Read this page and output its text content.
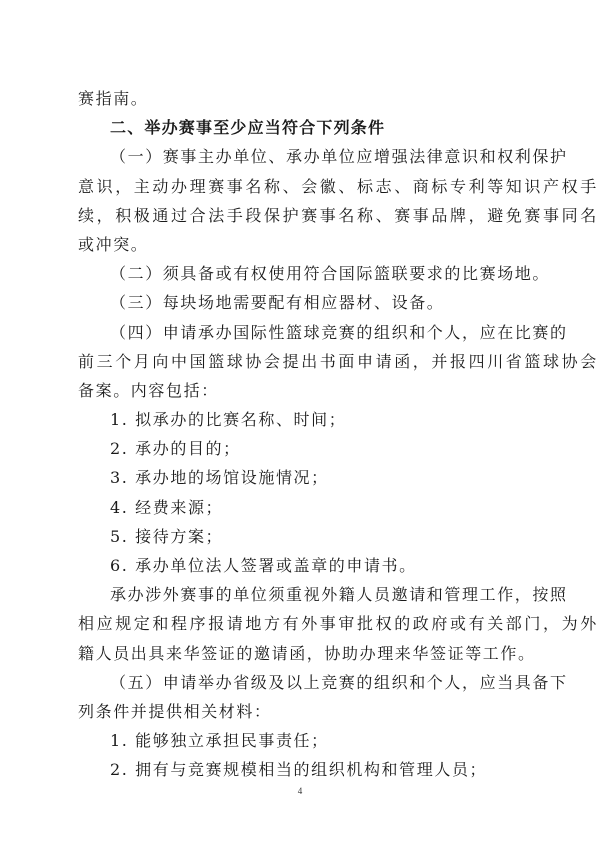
赛指南。
二、举办赛事至少应当符合下列条件
（一）赛事主办单位、承办单位应增强法律意识和权利保护
意识，主动办理赛事名称、会徽、标志、商标专利等知识产权手
续，积极通过合法手段保护赛事名称、赛事品牌，避免赛事同名
或冲突。
（二）须具备或有权使用符合国际篮联要求的比赛场地。
（三）每块场地需要配有相应器材、设备。
（四）申请承办国际性篮球竞赛的组织和个人，应在比赛的
前三个月向中国篮球协会提出书面申请函，并报四川省篮球协会
备案。内容包括：
1. 拟承办的比赛名称、时间；
2. 承办的目的；
3. 承办地的场馆设施情况；
4. 经费来源；
5. 接待方案；
6. 承办单位法人签署或盖章的申请书。
承办涉外赛事的单位须重视外籍人员邀请和管理工作，按照
相应规定和程序报请地方有外事审批权的政府或有关部门，为外
籍人员出具来华签证的邀请函，协助办理来华签证等工作。
（五）申请举办省级及以上竞赛的组织和个人，应当具备下
列条件并提供相关材料：
1. 能够独立承担民事责任；
2. 拥有与竞赛规模相当的组织机构和管理人员；
4
